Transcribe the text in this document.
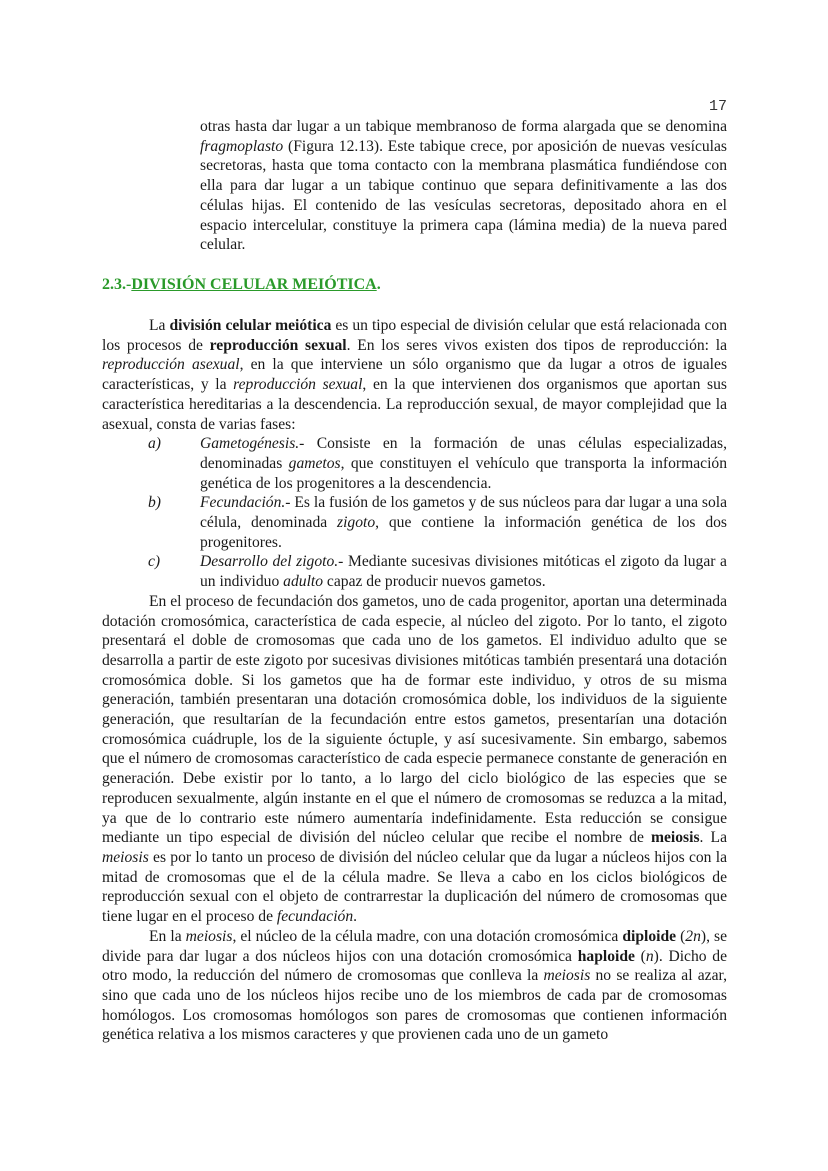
17

otras hasta dar lugar a un tabique membranoso de forma alargada que se denomina fragmoplasto (Figura 12.13). Este tabique crece, por aposición de nuevas vesículas secretoras, hasta que toma contacto con la membrana plasmática fundiéndose con ella para dar lugar a un tabique continuo que separa definitivamente a las dos células hijas. El contenido de las vesículas secretoras, depositado ahora en el espacio intercelular, constituye la primera capa (lámina media) de la nueva pared celular.

2.3.-DIVISIÓN CELULAR MEIÓTICA.

La división celular meiótica es un tipo especial de división celular que está relacionada con los procesos de reproducción sexual. En los seres vivos existen dos tipos de reproducción: la reproducción asexual, en la que interviene un sólo organismo que da lugar a otros de iguales características, y la reproducción sexual, en la que intervienen dos organismos que aportan sus característica hereditarias a la descendencia. La reproducción sexual, de mayor complejidad que la asexual, consta de varias fases:

a)	Gametogénesis.- Consiste en la formación de unas células especializadas, denominadas gametos, que constituyen el vehículo que transporta la información genética de los progenitores a la descendencia.

b)	Fecundación.- Es la fusión de los gametos y de sus núcleos para dar lugar a una sola célula, denominada zigoto, que contiene la información genética de los dos progenitores.

c)	Desarrollo del zigoto.- Mediante sucesivas divisiones mitóticas el zigoto da lugar a un individuo adulto capaz de producir nuevos gametos.

En el proceso de fecundación dos gametos, uno de cada progenitor, aportan una determinada dotación cromosómica, característica de cada especie, al núcleo del zigoto. Por lo tanto, el zigoto presentará el doble de cromosomas que cada uno de los gametos. El individuo adulto que se desarrolla a partir de este zigoto por sucesivas divisiones mitóticas también presentará una dotación cromosómica doble. Si los gametos que ha de formar este individuo, y otros de su misma generación, también presentaran una dotación cromosómica doble, los individuos de la siguiente generación, que resultarían de la fecundación entre estos gametos, presentarían una dotación cromosómica cuádruple, los de la siguiente óctuple, y así sucesivamente. Sin embargo, sabemos que el número de cromosomas característico de cada especie permanece constante de generación en generación. Debe existir por lo tanto, a lo largo del ciclo biológico de las especies que se reproducen sexualmente, algún instante en el que el número de cromosomas se reduzca a la mitad, ya que de lo contrario este número aumentaría indefinidamente. Esta reducción se consigue mediante un tipo especial de división del núcleo celular que recibe el nombre de meiosis. La meiosis es por lo tanto un proceso de división del núcleo celular que da lugar a núcleos hijos con la mitad de cromosomas que el de la célula madre. Se lleva a cabo en los ciclos biológicos de reproducción sexual con el objeto de contrarrestar la duplicación del número de cromosomas que tiene lugar en el proceso de fecundación.

En la meiosis, el núcleo de la célula madre, con una dotación cromosómica diploide (2n), se divide para dar lugar a dos núcleos hijos con una dotación cromosómica haploide (n). Dicho de otro modo, la reducción del número de cromosomas que conlleva la meiosis no se realiza al azar, sino que cada uno de los núcleos hijos recibe uno de los miembros de cada par de cromosomas homólogos. Los cromosomas homólogos son pares de cromosomas que contienen información genética relativa a los mismos caracteres y que provienen cada uno de un gameto
